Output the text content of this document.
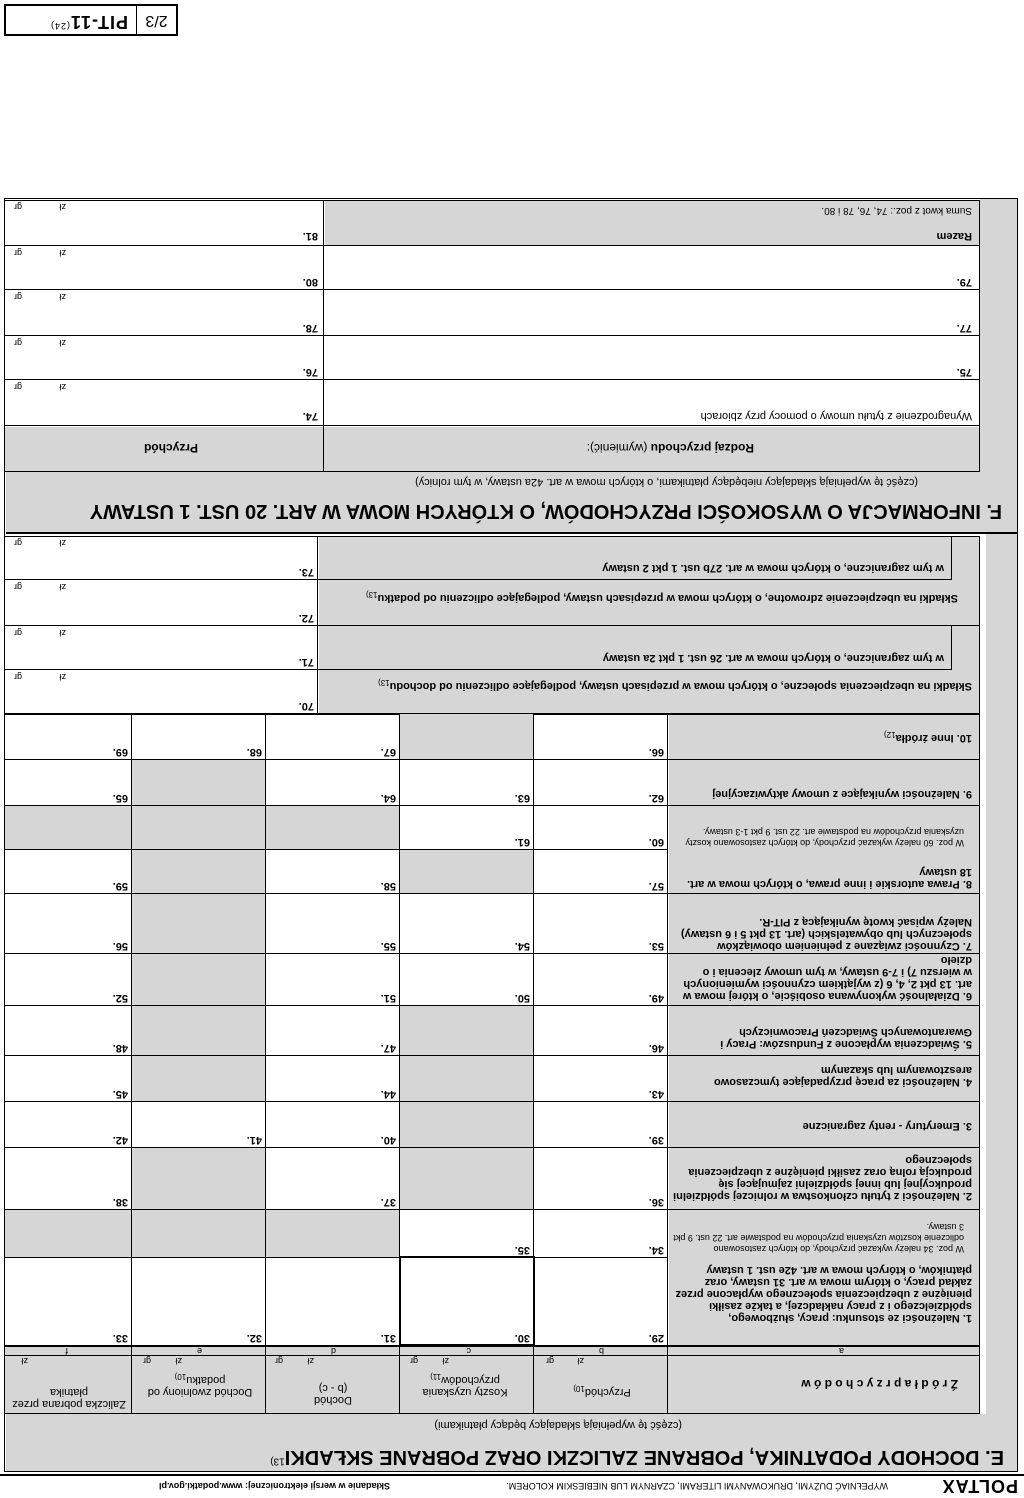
POLTAX
WYPEŁNIAĆ DUŻYMI, DRUKOWANYMI LITERAMI, CZARNYM LUB NIEBIESKIM KOLOREM.
Składanie w wersji elektronicznej: www.podatki.gov.pl
E. DOCHODY PODATNIKA, POBRANE ZALICZKI ORAZ POBRANE SKŁADKI$^{13)}$
(część tę wypełniają składający będący płatnikami)
Ź r ó d ł a p r z y c h o d ó w

Przychód$_{10)}$

Koszty uzyskania przychodów$_{11)}$

Dochód
(b - c)

Dochód zwolniony od podatku$_{10)}$

Zaliczka pobrana przez płatnika
zł
gr
zł
gr
zł
gr
zł
gr
zł
a
b
c
d
e
f
1. Należności ze stosunku: pracy, służbowego, spółdzielczego i z pracy nakładczej, a także zasiłki pieniężne z ubezpieczenia społecznego wypłacone przez zakład pracy, o którym mowa w art. 31 ustawy, oraz płatników, o których mowa w art. 42e ust. 1 ustawy
W poz. 34 należy wykazać przychody, do których zastosowano odliczenie kosztów uzyskania przychodów na podstawie art. 22 ust. 9 pkt 3 ustawy.
2. Należności z tytułu członkostwa w rolniczej spółdzielni produkcyjnej lub innej spółdzielni zajmującej się produkcją rolną oraz zasiłki pieniężne z ubezpieczenia społecznego
3. Emerytury - renty zagraniczne
4. Należności za pracę przypadające tymczasowo aresztowanym lub skazanym
5. Świadczenia wypłacone z Funduszów: Pracy i Gwarantowanych Świadczeń Pracowniczych
6. Działalność wykonywana osobiście, o której mowa w art. 13 pkt 2, 4, 6 (z wyjątkiem czynności wymienionych w wierszu 7) i 7-9 ustawy, w tym umowy zlecenia i o dzieło
7. Czynności związane z pełnieniem obowiązków społecznych lub obywatelskich (art. 13 pkt 5 i 6 ustawy)
Należy wpisać kwotę wynikającą z PIT-R.
8. Prawa autorskie i inne prawa, o których mowa w art. 18 ustawy
W poz. 60 należy wykazać przychody, do których zastosowano koszty uzyskania przychodów na podstawie art. 22 ust. 9 pkt 1-3 ustawy.
9. Należności wynikające z umowy aktywizacyjnej

10. Inne źródła$_{12)}$

29.
30.
31.
32.
33.
34.
35.
36.
37.
38.
39.
40.
41.
42.
43.
44.
45.
46.
47.
48.
49.
50.
51.
52.
53.
54.
55.
56.
57.
58.
59.
60.
61.
62.
63.
64.
65.
66.
67.
68.
69.

Składki na ubezpieczenia społeczne, o których mowa w przepisach ustawy, podlegające odliczeniu od dochodu$_{13)}$

w tym zagraniczne, o których mowa w art. 26 ust. 1 pkt 2a ustawy

Składki na ubezpieczenie zdrowotne, o których mowa w przepisach ustawy, podlegające odliczeniu od podatku$_{13)}$

w tym zagraniczne, o których mowa w art. 27b ust. 1 pkt 2 ustawy
70.
71.
72.
73.
zł
gr
zł
gr
zł
gr
zł
gr
F. INFORMACJA O WYSOKOŚCI PRZYCHODÓW, O KTÓRYCH MOWA W ART. 20 UST. 1 USTAWY
(część tę wypełniają składający niebędący płatnikami, o których mowa w art. 42a ustawy, w tym rolnicy)
Rodzaj przychodu (wymienić):
Przychód
Wynagrodzenie z tytułu umowy o pomocy przy zbiorach
74.
75.
76.
77.
78.
79.
80.
Razem
Suma kwot z poz.: 74, 76, 78 i 80.
81.
zł
gr
zł
gr
zł
gr
zł
gr
zł
gr
2/3
PIT-11$^{(24)}$
